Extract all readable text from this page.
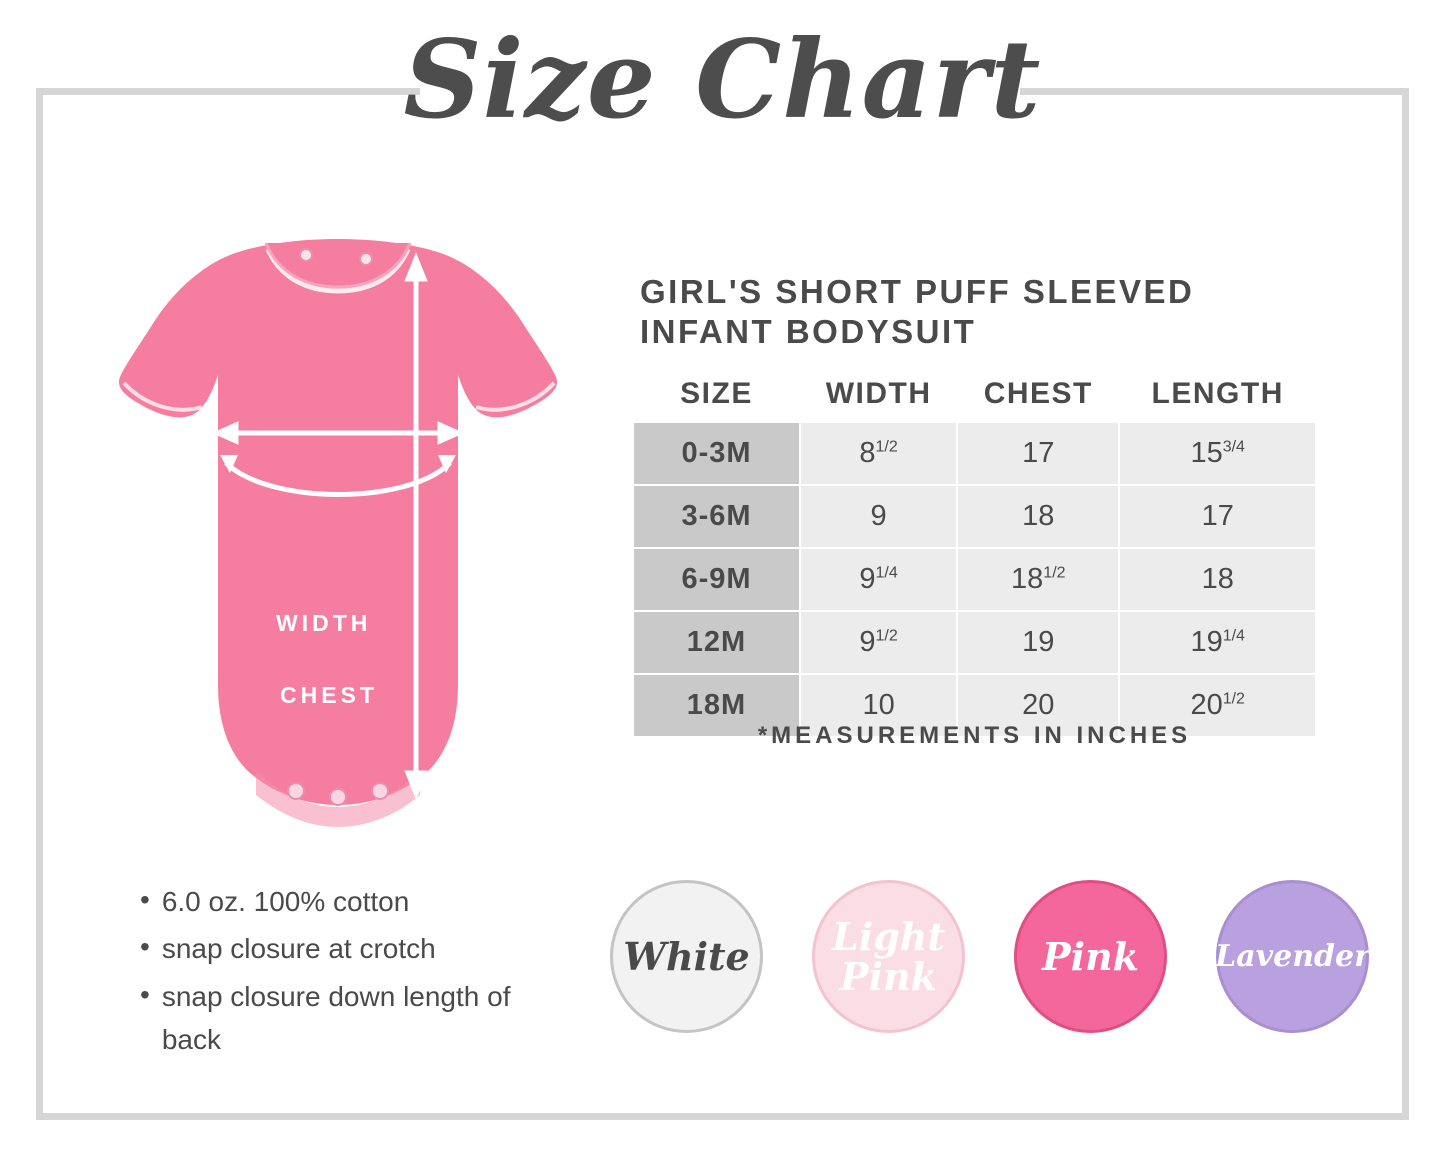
Size Chart
WIDTH
CHEST
LENGTH
GIRL'S SHORT PUFF SLEEVED
INFANT BODYSUIT
SIZE	WIDTH	CHEST	LENGTH
0-3M	$8^{1/2}$	17	$15^{3/4}$
3-6M	9	18	17
6-9M	$9^{1/4}$	$18^{1/2}$	18
12M	$9^{1/2}$	19	$19^{1/4}$
18M	10	20	$20^{1/2}$
*MEASUREMENTS IN INCHES
• 6.0 oz. 100% cotton
• snap closure at crotch
• snap closure down length of back
White Light
Pink	Pink	Lavender
